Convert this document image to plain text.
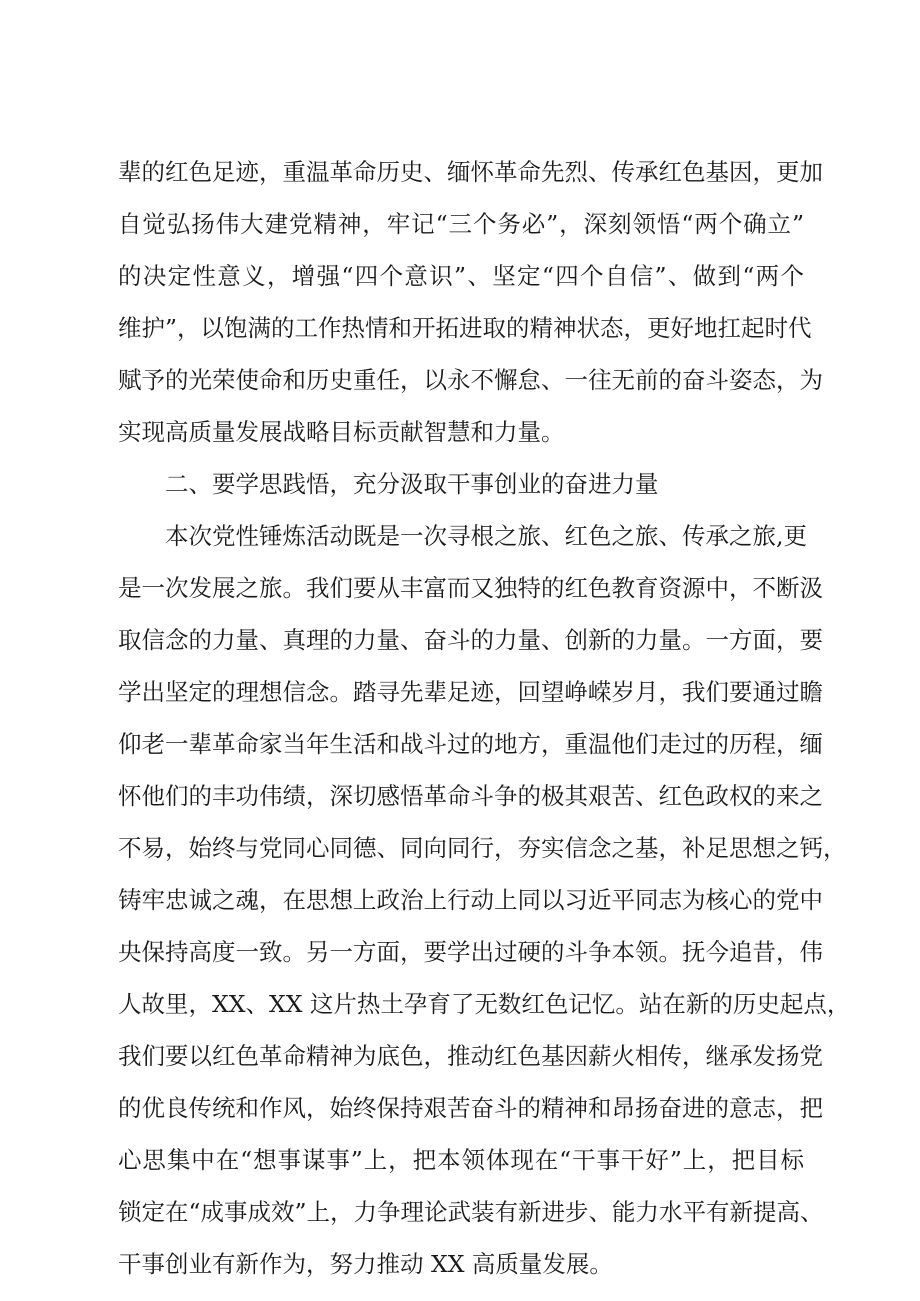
辈的红色足迹，重温革命历史、缅怀革命先烈、传承红色基因，更加
自觉弘扬伟大建党精神，牢记“三个务必”，深刻领悟“两个确立”
的决定性意义，增强“四个意识”、坚定“四个自信”、做到“两个
维护”，以饱满的工作热情和开拓进取的精神状态，更好地扛起时代
赋予的光荣使命和历史重任，以永不懈怠、一往无前的奋斗姿态，为
实现高质量发展战略目标贡献智慧和力量。
二、要学思践悟，充分汲取干事创业的奋进力量
本次党性锤炼活动既是一次寻根之旅、红色之旅、传承之旅,更
是一次发展之旅。我们要从丰富而又独特的红色教育资源中，不断汲
取信念的力量、真理的力量、奋斗的力量、创新的力量。一方面，要
学出坚定的理想信念。踏寻先辈足迹，回望峥嵘岁月，我们要通过瞻
仰老一辈革命家当年生活和战斗过的地方，重温他们走过的历程，缅
怀他们的丰功伟绩，深切感悟革命斗争的极其艰苦、红色政权的来之
不易，始终与党同心同德、同向同行，夯实信念之基，补足思想之钙，
铸牢忠诚之魂，在思想上政治上行动上同以习近平同志为核心的党中
央保持高度一致。另一方面，要学出过硬的斗争本领。抚今追昔，伟
人故里，XX、XX 这片热土孕育了无数红色记忆。站在新的历史起点，
我们要以红色革命精神为底色，推动红色基因薪火相传，继承发扬党
的优良传统和作风，始终保持艰苦奋斗的精神和昂扬奋进的意志，把
心思集中在“想事谋事”上，把本领体现在“干事干好”上，把目标
锁定在“成事成效”上，力争理论武装有新进步、能力水平有新提高、
干事创业有新作为，努力推动 XX 高质量发展。
